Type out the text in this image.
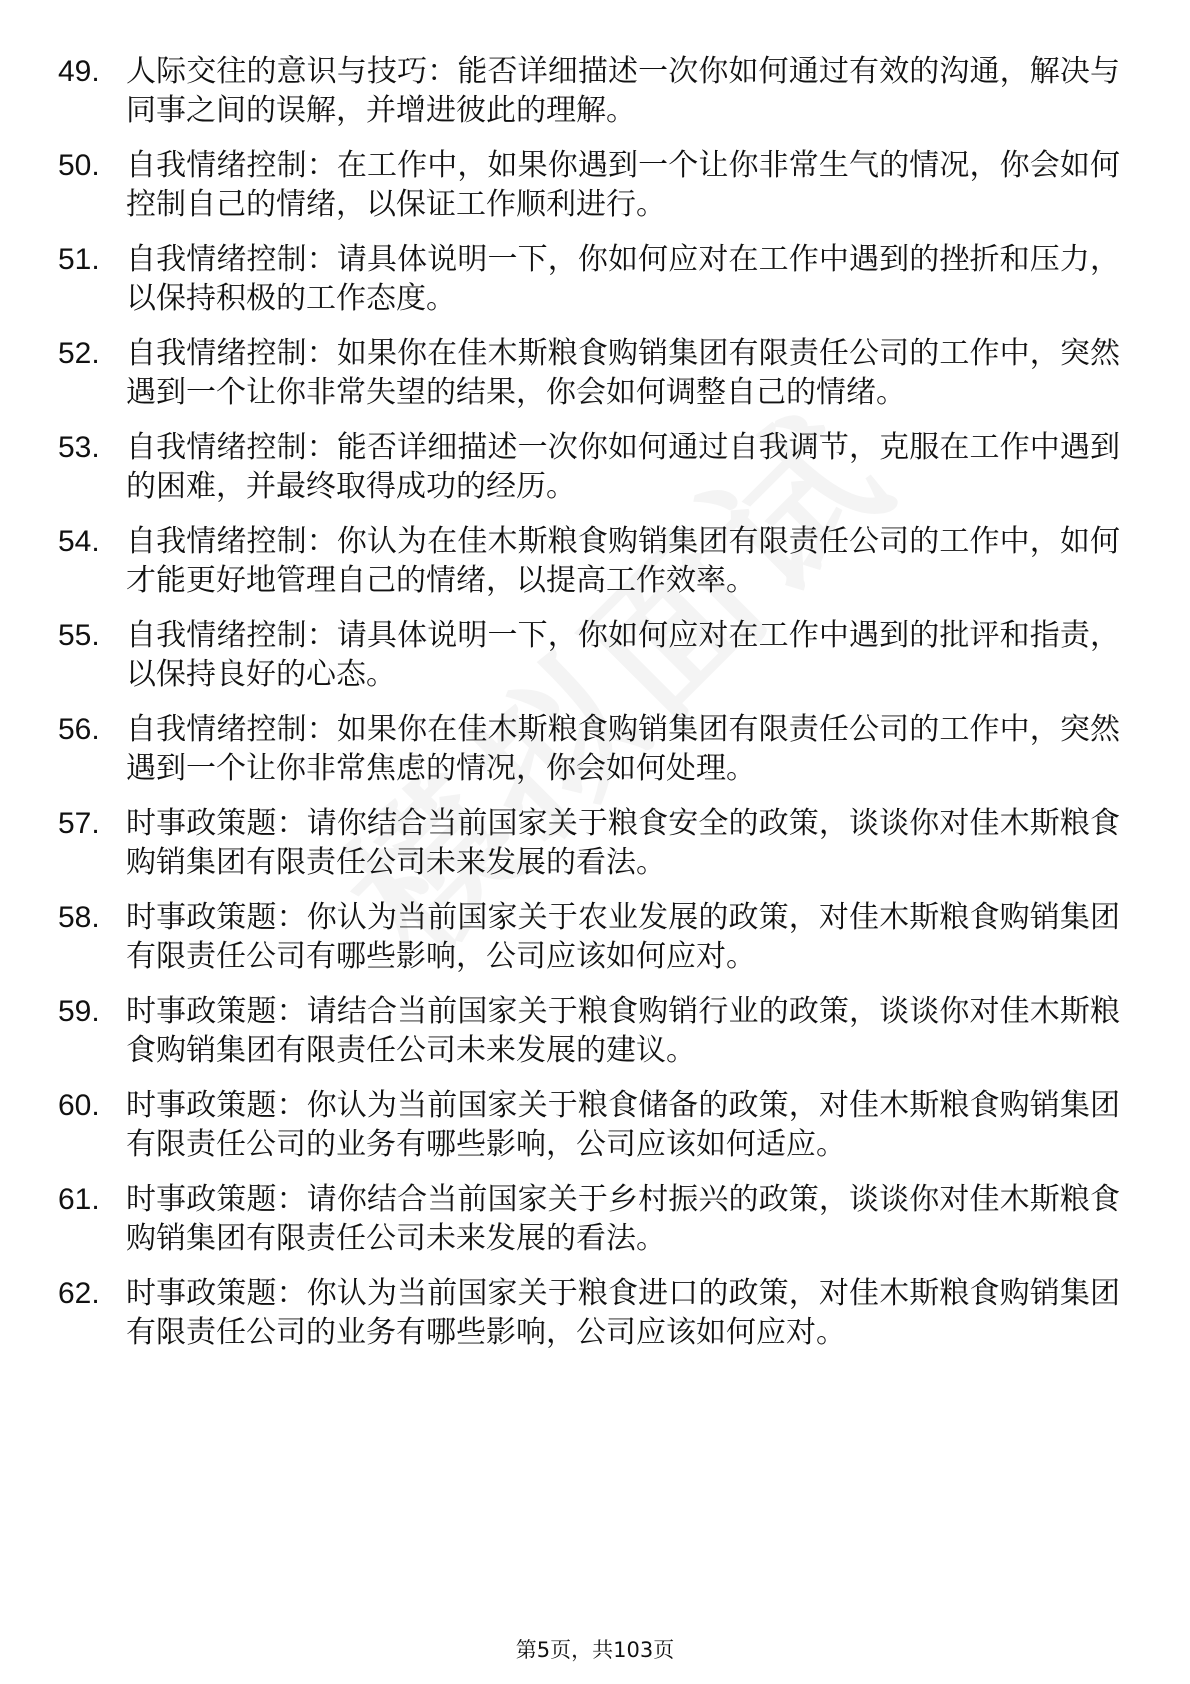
49. 人际交往的意识与技巧：能否详细描述一次你如何通过有效的沟通，解决与同事之间的误解，并增进彼此的理解。
50. 自我情绪控制：在工作中，如果你遇到一个让你非常生气的情况，你会如何控制自己的情绪，以保证工作顺利进行。
51. 自我情绪控制：请具体说明一下，你如何应对在工作中遇到的挫折和压力，以保持积极的工作态度。
52. 自我情绪控制：如果你在佳木斯粮食购销集团有限责任公司的工作中，突然遇到一个让你非常失望的结果，你会如何调整自己的情绪。
53. 自我情绪控制：能否详细描述一次你如何通过自我调节，克服在工作中遇到的困难，并最终取得成功的经历。
54. 自我情绪控制：你认为在佳木斯粮食购销集团有限责任公司的工作中，如何才能更好地管理自己的情绪，以提高工作效率。
55. 自我情绪控制：请具体说明一下，你如何应对在工作中遇到的批评和指责，以保持良好的心态。
56. 自我情绪控制：如果你在佳木斯粮食购销集团有限责任公司的工作中，突然遇到一个让你非常焦虑的情况，你会如何处理。
57. 时事政策题：请你结合当前国家关于粮食安全的政策，谈谈你对佳木斯粮食购销集团有限责任公司未来发展的看法。
58. 时事政策题：你认为当前国家关于农业发展的政策，对佳木斯粮食购销集团有限责任公司有哪些影响，公司应该如何应对。
59. 时事政策题：请结合当前国家关于粮食购销行业的政策，谈谈你对佳木斯粮食购销集团有限责任公司未来发展的建议。
60. 时事政策题：你认为当前国家关于粮食储备的政策，对佳木斯粮食购销集团有限责任公司的业务有哪些影响，公司应该如何适应。
61. 时事政策题：请你结合当前国家关于乡村振兴的政策，谈谈你对佳木斯粮食购销集团有限责任公司未来发展的看法。
62. 时事政策题：你认为当前国家关于粮食进口的政策，对佳木斯粮食购销集团有限责任公司的业务有哪些影响，公司应该如何应对。
第5页，共103页
